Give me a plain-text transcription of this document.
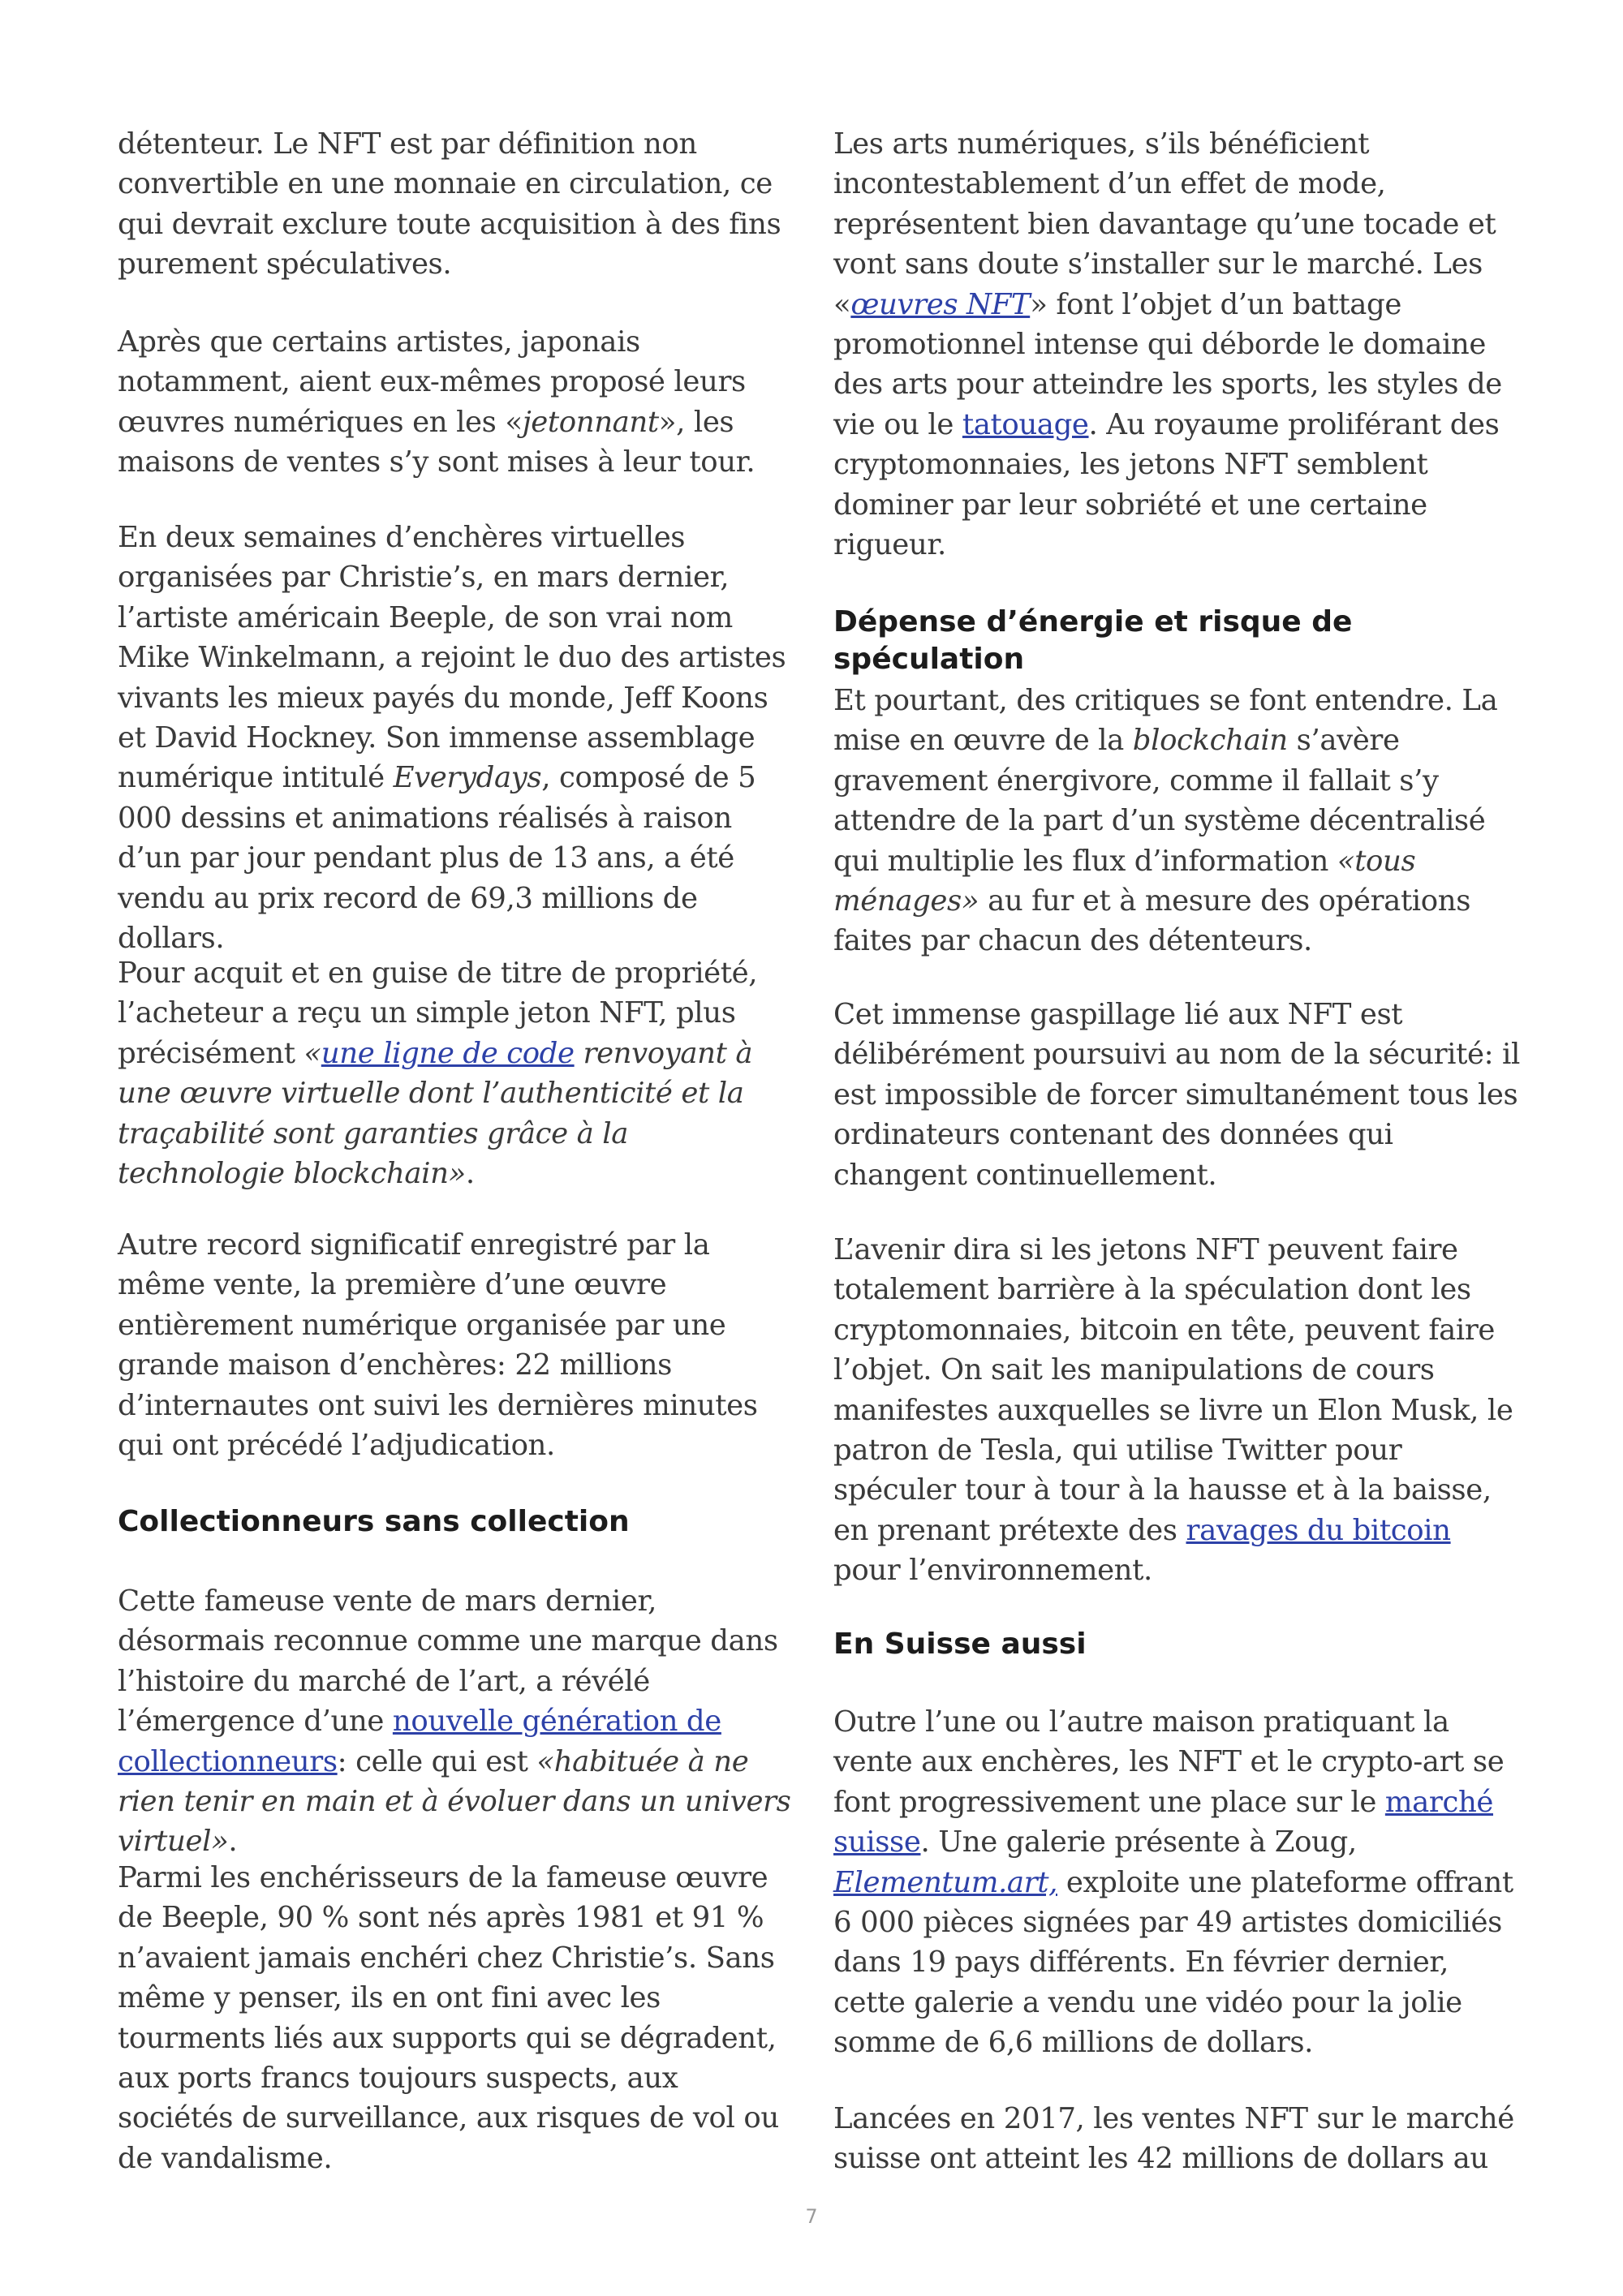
détenteur. Le NFT est par définition non convertible en une monnaie en circulation, ce qui devrait exclure toute acquisition à des fins purement spéculatives.

Après que certains artistes, japonais notamment, aient eux-mêmes proposé leurs œuvres numériques en les «jetonnant», les maisons de ventes s’y sont mises à leur tour.

En deux semaines d’enchères virtuelles organisées par Christie’s, en mars dernier, l’artiste américain Beeple, de son vrai nom Mike Winkelmann, a rejoint le duo des artistes vivants les mieux payés du monde, Jeff Koons et David Hockney. Son immense assemblage numérique intitulé Everydays, composé de 5 000 dessins et animations réalisés à raison d’un par jour pendant plus de 13 ans, a été vendu au prix record de 69,3 millions de dollars.

Pour acquit et en guise de titre de propriété, l’acheteur a reçu un simple jeton NFT, plus précisément «une ligne de code renvoyant à une œuvre virtuelle dont l’authenticité et la traçabilité sont garanties grâce à la technologie blockchain».

Autre record significatif enregistré par la même vente, la première d’une œuvre entièrement numérique organisée par une grande maison d’enchères: 22 millions d’internautes ont suivi les dernières minutes qui ont précédé l’adjudication.

Collectionneurs sans collection

Cette fameuse vente de mars dernier, désormais reconnue comme une marque dans l’histoire du marché de l’art, a révélé l’émergence d’une nouvelle génération de collectionneurs: celle qui est «habituée à ne rien tenir en main et à évoluer dans un univers virtuel».

Parmi les enchérisseurs de la fameuse œuvre de Beeple, 90 % sont nés après 1981 et 91 % n’avaient jamais enchéri chez Christie’s. Sans même y penser, ils en ont fini avec les tourments liés aux supports qui se dégradent, aux ports francs toujours suspects, aux sociétés de surveillance, aux risques de vol ou de vandalisme.

Les arts numériques, s’ils bénéficient incontestablement d’un effet de mode, représentent bien davantage qu’une tocade et vont sans doute s’installer sur le marché. Les «œuvres NFT» font l’objet d’un battage promotionnel intense qui déborde le domaine des arts pour atteindre les sports, les styles de vie ou le tatouage. Au royaume proliférant des cryptomonnaies, les jetons NFT semblent dominer par leur sobriété et une certaine rigueur.

Dépense d’énergie et risque de spéculation

Et pourtant, des critiques se font entendre. La mise en œuvre de la blockchain s’avère gravement énergivore, comme il fallait s’y attendre de la part d’un système décentralisé qui multiplie les flux d’information «tous ménages» au fur et à mesure des opérations faites par chacun des détenteurs.

Cet immense gaspillage lié aux NFT est délibérément poursuivi au nom de la sécurité: il est impossible de forcer simultanément tous les ordinateurs contenant des données qui changent continuellement.

L’avenir dira si les jetons NFT peuvent faire totalement barrière à la spéculation dont les cryptomonnaies, bitcoin en tête, peuvent faire l’objet. On sait les manipulations de cours manifestes auxquelles se livre un Elon Musk, le patron de Tesla, qui utilise Twitter pour spéculer tour à tour à la hausse et à la baisse, en prenant prétexte des ravages du bitcoin pour l’environnement.

En Suisse aussi

Outre l’une ou l’autre maison pratiquant la vente aux enchères, les NFT et le crypto-art se font progressivement une place sur le marché suisse. Une galerie présente à Zoug, Elementum.art, exploite une plateforme offrant 6 000 pièces signées par 49 artistes domiciliés dans 19 pays différents. En février dernier, cette galerie a vendu une vidéo pour la jolie somme de 6,6 millions de dollars.

Lancées en 2017, les ventes NFT sur le marché suisse ont atteint les 42 millions de dollars au

7
